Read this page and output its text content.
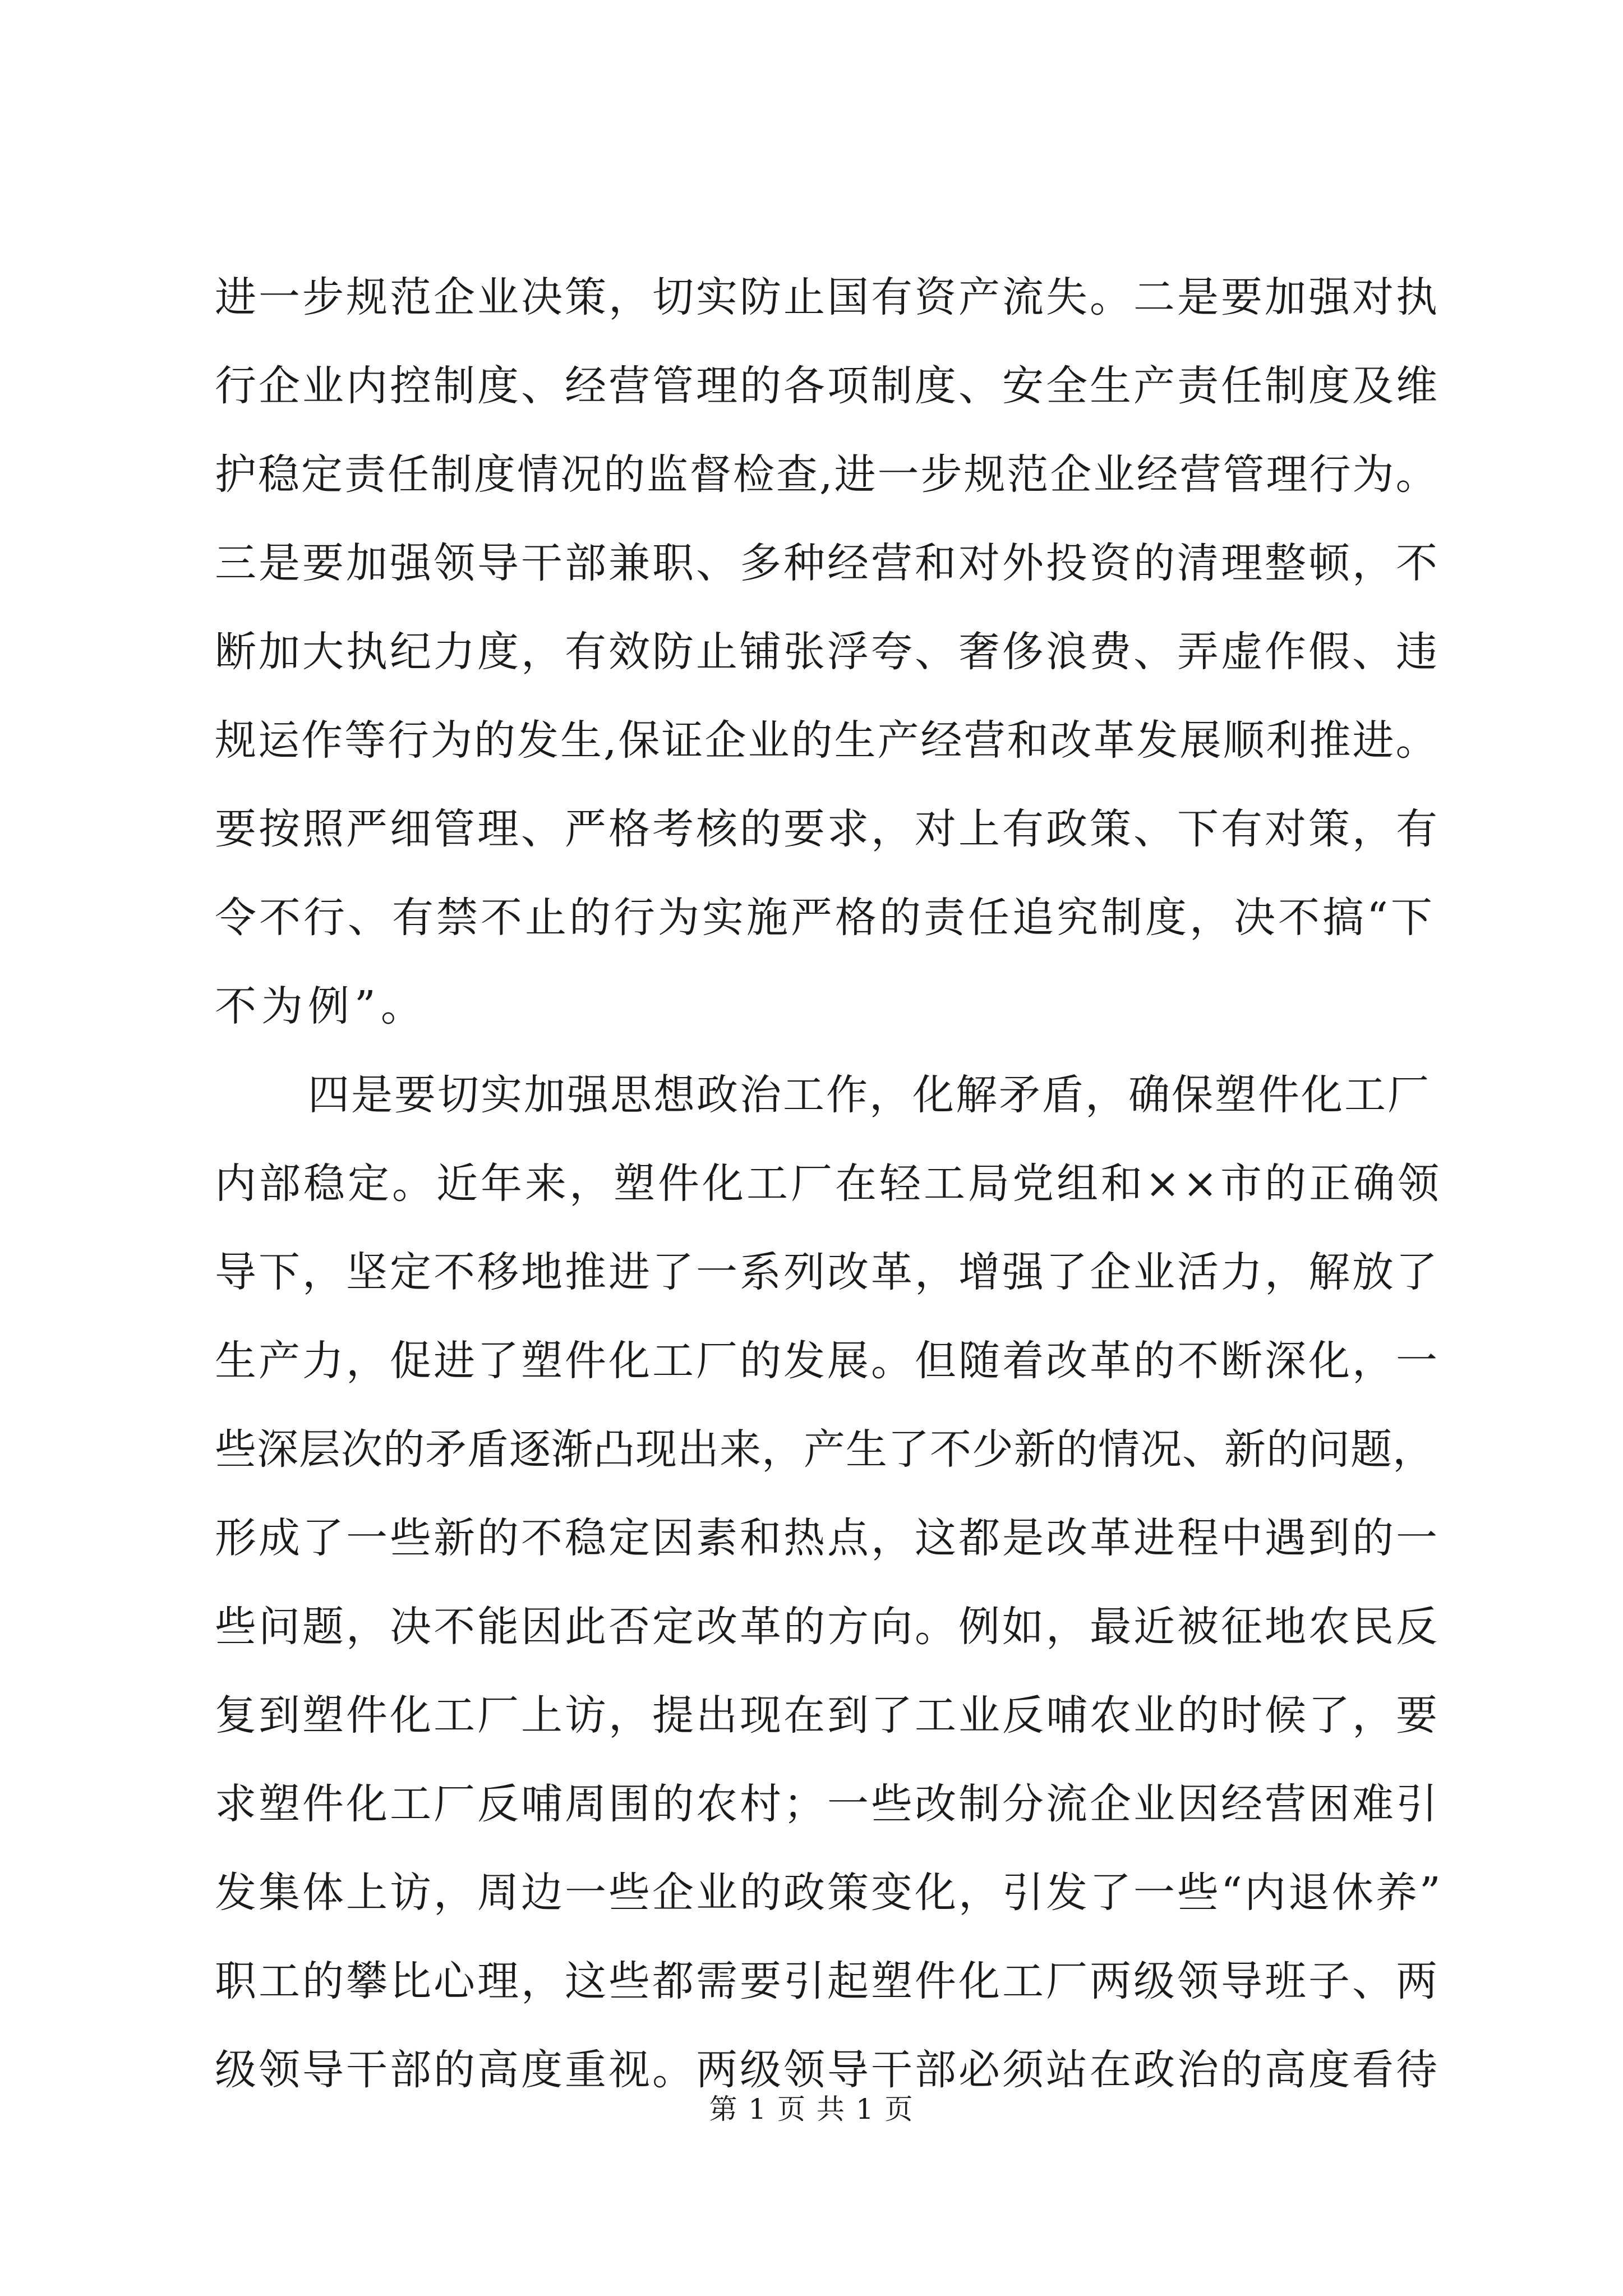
进一步规范企业决策，切实防止国有资产流失。二是要加强对执
行企业内控制度、经营管理的各项制度、安全生产责任制度及维
护稳定责任制度情况的监督检查,进一步规范企业经营管理行为。
三是要加强领导干部兼职、多种经营和对外投资的清理整顿，不
断加大执纪力度，有效防止铺张浮夸、奢侈浪费、弄虚作假、违
规运作等行为的发生,保证企业的生产经营和改革发展顺利推进。
要按照严细管理、严格考核的要求，对上有政策、下有对策，有
令不行、有禁不止的行为实施严格的责任追究制度，决不搞“下
不为例”。
四是要切实加强思想政治工作，化解矛盾，确保塑件化工厂
内部稳定。近年来，塑件化工厂在轻工局党组和××市的正确领
导下，坚定不移地推进了一系列改革，增强了企业活力，解放了
生产力，促进了塑件化工厂的发展。但随着改革的不断深化，一
些深层次的矛盾逐渐凸现出来，产生了不少新的情况、新的问题，
形成了一些新的不稳定因素和热点，这都是改革进程中遇到的一
些问题，决不能因此否定改革的方向。例如，最近被征地农民反
复到塑件化工厂上访，提出现在到了工业反哺农业的时候了，要
求塑件化工厂反哺周围的农村；一些改制分流企业因经营困难引
发集体上访，周边一些企业的政策变化，引发了一些“内退休养”
职工的攀比心理，这些都需要引起塑件化工厂两级领导班子、两
级领导干部的高度重视。两级领导干部必须站在政治的高度看待
第 1 页 共 1 页
